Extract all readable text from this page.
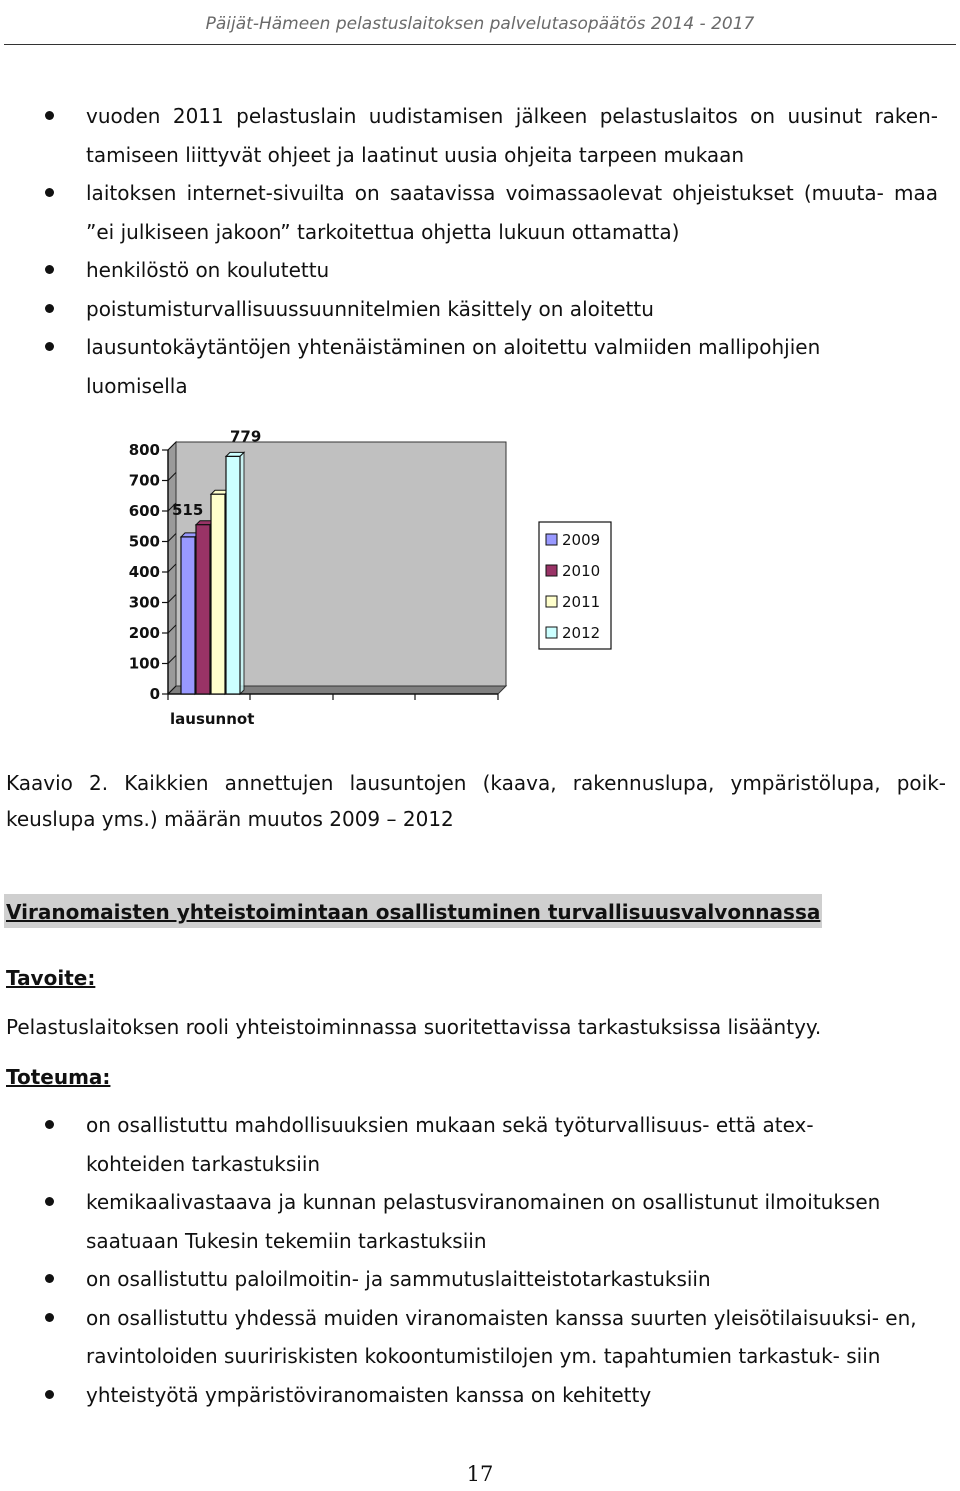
Päijät-Hämeen pelastuslaitoksen palvelutasopäätös 2014 - 2017
vuoden 2011 pelastuslain uudistamisen jälkeen pelastuslaitos on uusinut raken- tamiseen liittyvät ohjeet ja laatinut uusia ohjeita tarpeen mukaan
laitoksen internet-sivuilta on saatavissa voimassaolevat ohjeistukset (muuta- maa ”ei julkiseen jakoon” tarkoitettua ohjetta lukuun ottamatta)
henkilöstö on koulutettu
poistumisturvallisuussuunnitelmien käsittely on aloitettu
lausuntokäytäntöjen yhtenäistäminen on aloitettu valmiiden mallipohjien luomisella
0
100
200
300
400
500
600
700
800
515
779
lausunnot
2009
2010
2011
2012
Kaavio 2. Kaikkien annettujen lausuntojen (kaava, rakennuslupa, ympäristölupa, poik- keuslupa yms.) määrän muutos 2009 – 2012
Viranomaisten yhteistoimintaan osallistuminen turvallisuusvalvonnassa
Tavoite:
Pelastuslaitoksen rooli yhteistoiminnassa suoritettavissa tarkastuksissa lisääntyy.
Toteuma:
on osallistuttu mahdollisuuksien mukaan sekä työturvallisuus- että atex- kohteiden tarkastuksiin
kemikaalivastaava ja kunnan pelastusviranomainen on osallistunut ilmoituksen saatuaan Tukesin tekemiin tarkastuksiin
on osallistuttu paloilmoitin- ja sammutuslaitteistotarkastuksiin
on osallistuttu yhdessä muiden viranomaisten kanssa suurten yleisötilaisuuksi- en, ravintoloiden suuririskisten kokoontumistilojen ym. tapahtumien tarkastuk- siin
yhteistyötä ympäristöviranomaisten kanssa on kehitetty
17
